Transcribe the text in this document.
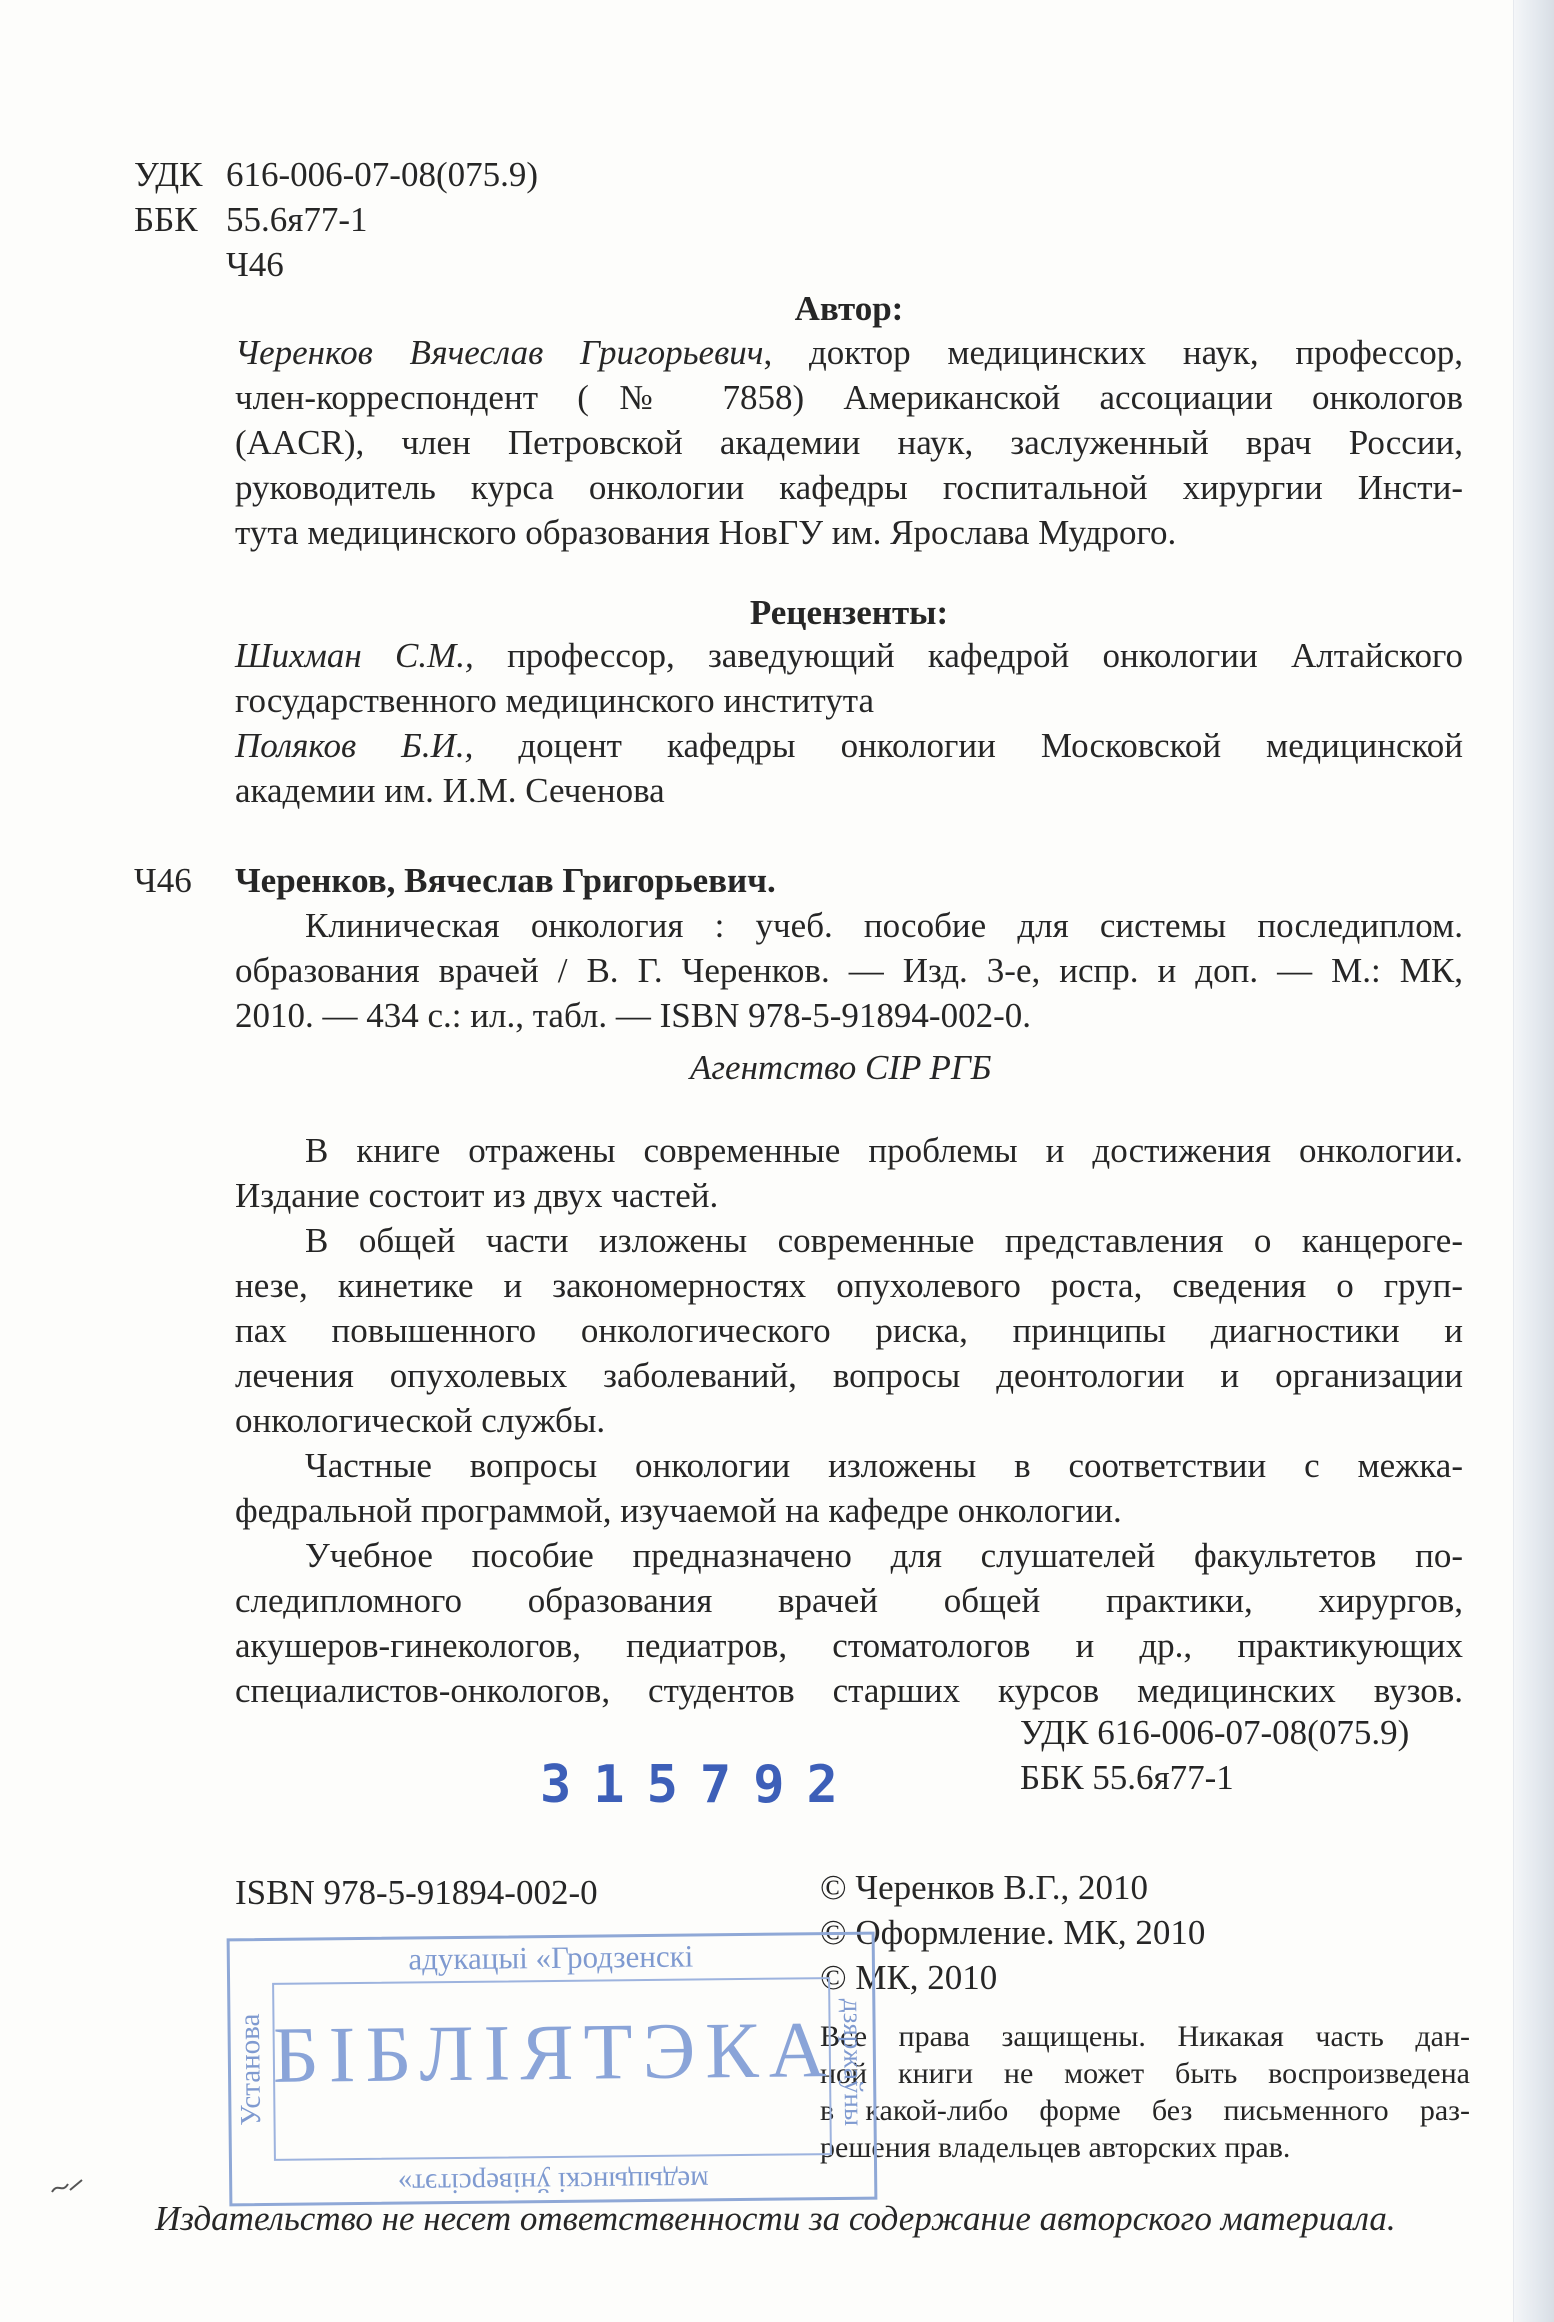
УДК 616-006-07-08(075.9)
ББК 55.6я77-1
Ч46
Автор:
Черенков Вячеслав Григорьевич, доктор медицинских наук, профессор,
член-корреспондент (№ 7858) Американской ассоциации онкологов
(AACR), член Петровской академии наук, заслуженный врач России,
руководитель курса онкологии кафедры госпитальной хирургии Инсти-
тута медицинского образования НовГУ им. Ярослава Мудрого.
Рецензенты:
Шихман С.М., профессор, заведующий кафедрой онкологии Алтайского
государственного медицинского института
Поляков Б.И., доцент кафедры онкологии Московской медицинской
академии им. И.М. Сеченова
Ч46 Черенков, Вячеслав Григорьевич.
Клиническая онкология : учеб. пособие для системы последиплом.
образования врачей / В. Г. Черенков. — Изд. 3-е, испр. и доп. — М.: МК,
2010. — 434 с.: ил., табл. — ISBN 978-5-91894-002-0.
Агентство CIP РГБ
В книге отражены современные проблемы и достижения онкологии.
Издание состоит из двух частей.
В общей части изложены современные представления о канцероге-
незе, кинетике и закономерностях опухолевого роста, сведения о груп-
пах повышенного онкологического риска, принципы диагностики и
лечения опухолевых заболеваний, вопросы деонтологии и организации
онкологической службы.
Частные вопросы онкологии изложены в соответствии с межка-
федральной программой, изучаемой на кафедре онкологии.
Учебное пособие предназначено для слушателей факультетов по-
следипломного образования врачей общей практики, хирургов,
акушеров-гинекологов, педиатров, стоматологов и др., практикующих
специалистов-онкологов, студентов старших курсов медицинских вузов.
УДК 616-006-07-08(075.9)
ББК 55.6я77-1
315792
ISBN 978-5-91894-002-0	© Черенков В.Г., 2010
© Оформление. МК, 2010
© МК, 2010
Все права защищены. Никакая часть дан-
ной книги не может быть воспроизведена
в какой-либо форме без письменного раз-
решения владельцев авторских прав.
адукацыі «Гродзенскі
БІБЛІЯТЭКА
медыцынскі ўніверсітэт»
Установа	дзяржаўны
Издательство не несет ответственности за содержание авторского материала.
